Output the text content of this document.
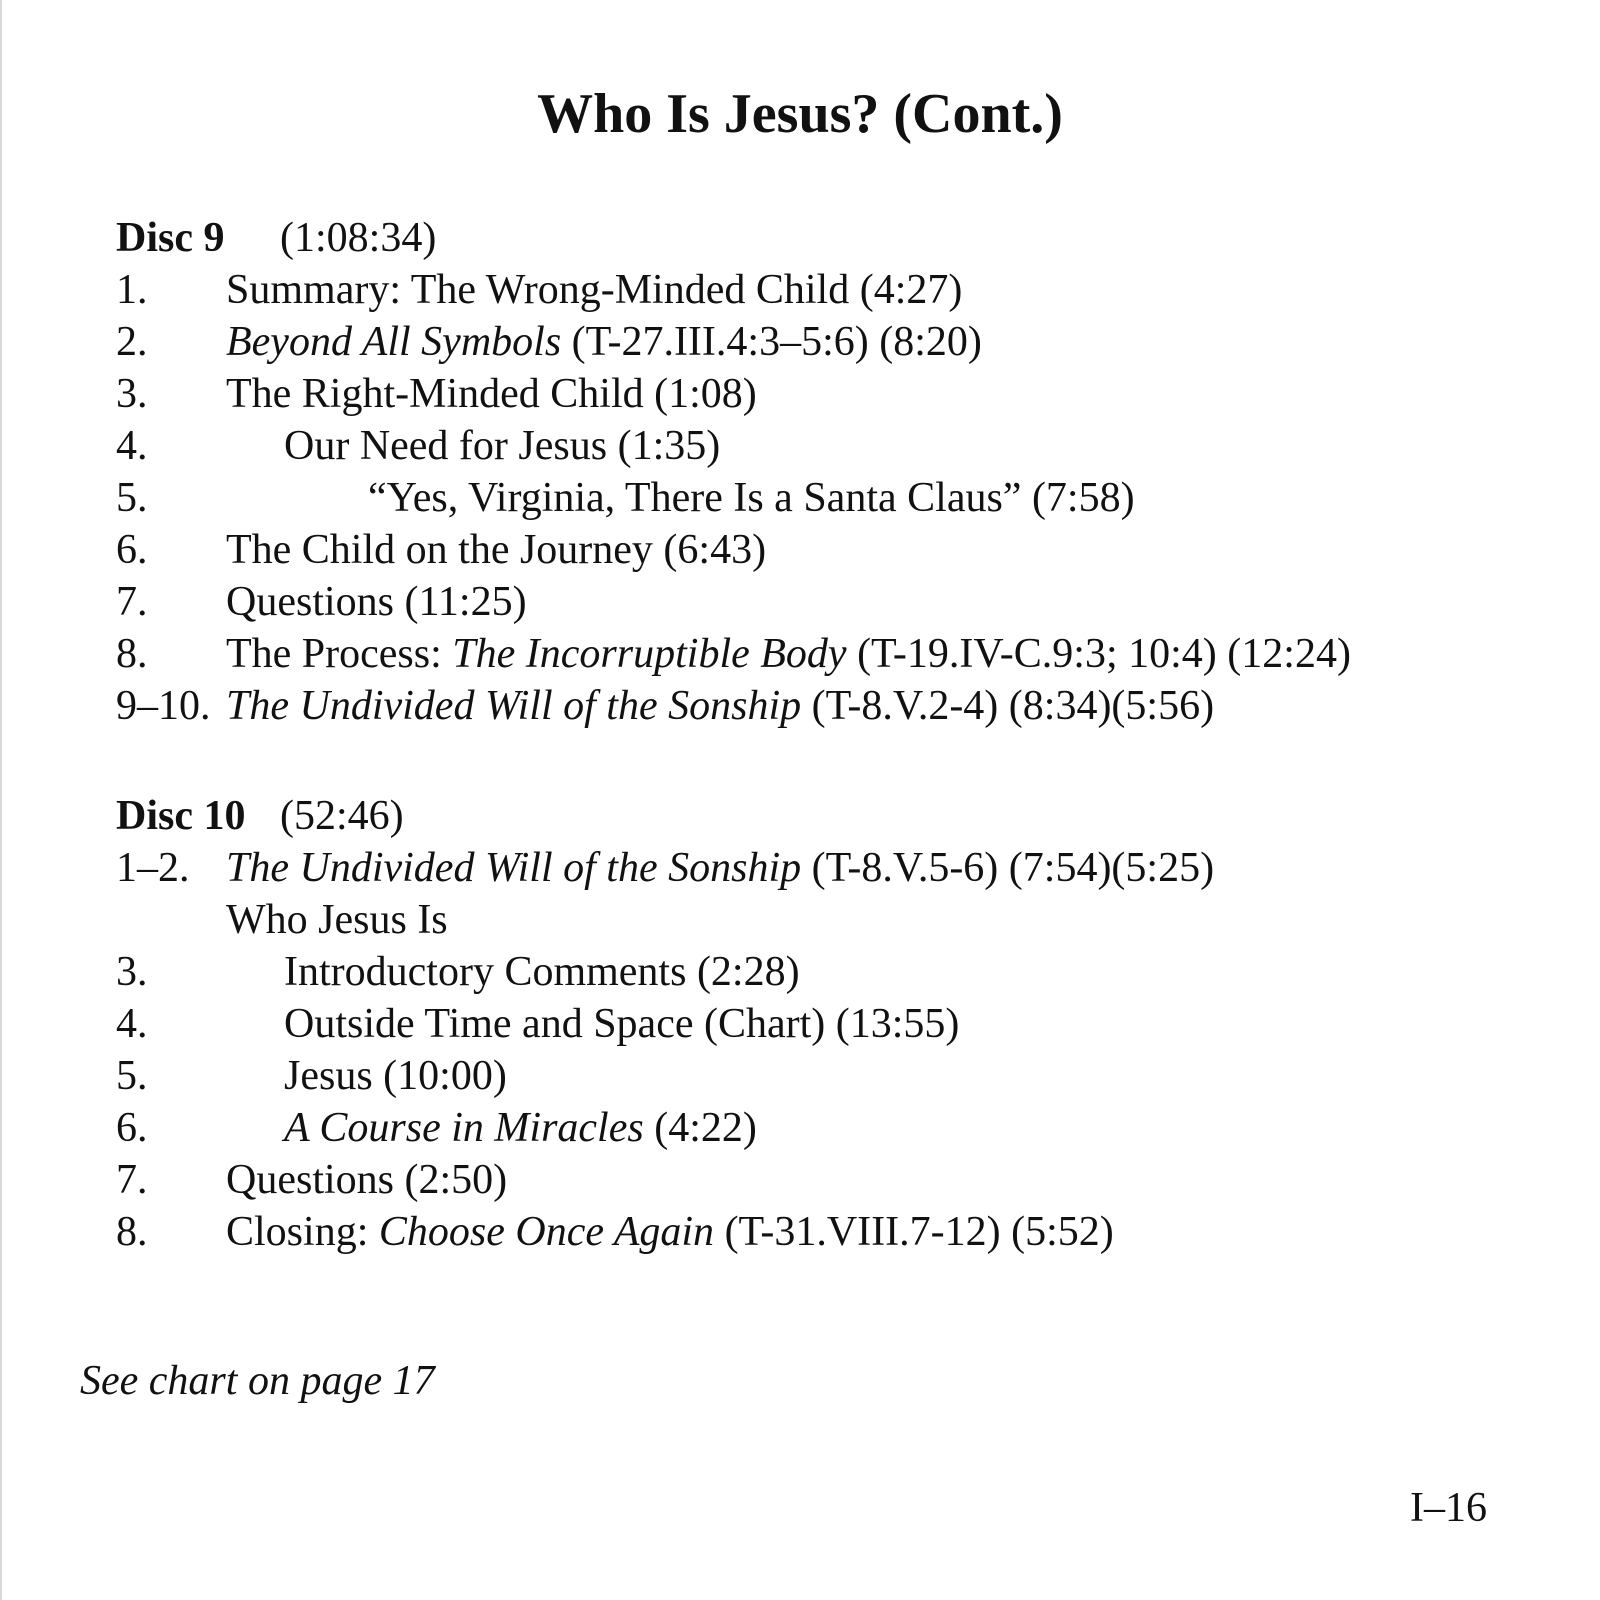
Who Is Jesus? (Cont.)
Disc 9	(1:08:34)
1.	Summary: The Wrong-Minded Child (4:27)
2.	Beyond All Symbols (T-27.III.4:3–5:6) (8:20)
3.	The Right-Minded Child (1:08)
4.	Our Need for Jesus (1:35)
5.	“Yes, Virginia, There Is a Santa Claus” (7:58)
6.	The Child on the Journey (6:43)
7.	Questions (11:25)
8.	The Process: The Incorruptible Body (T-19.IV-C.9:3; 10:4) (12:24)
9–10. The Undivided Will of the Sonship (T-8.V.2-4) (8:34)(5:56)
Disc 10 (52:46)
1–2. The Undivided Will of the Sonship (T-8.V.5-6) (7:54)(5:25)
Who Jesus Is
3.	Introductory Comments (2:28)
4.	Outside Time and Space (Chart) (13:55)
5.	Jesus (10:00)
6.	A Course in Miracles (4:22)
7.	Questions (2:50)
8.	Closing: Choose Once Again (T-31.VIII.7-12) (5:52)
See chart on page 17
I–16
